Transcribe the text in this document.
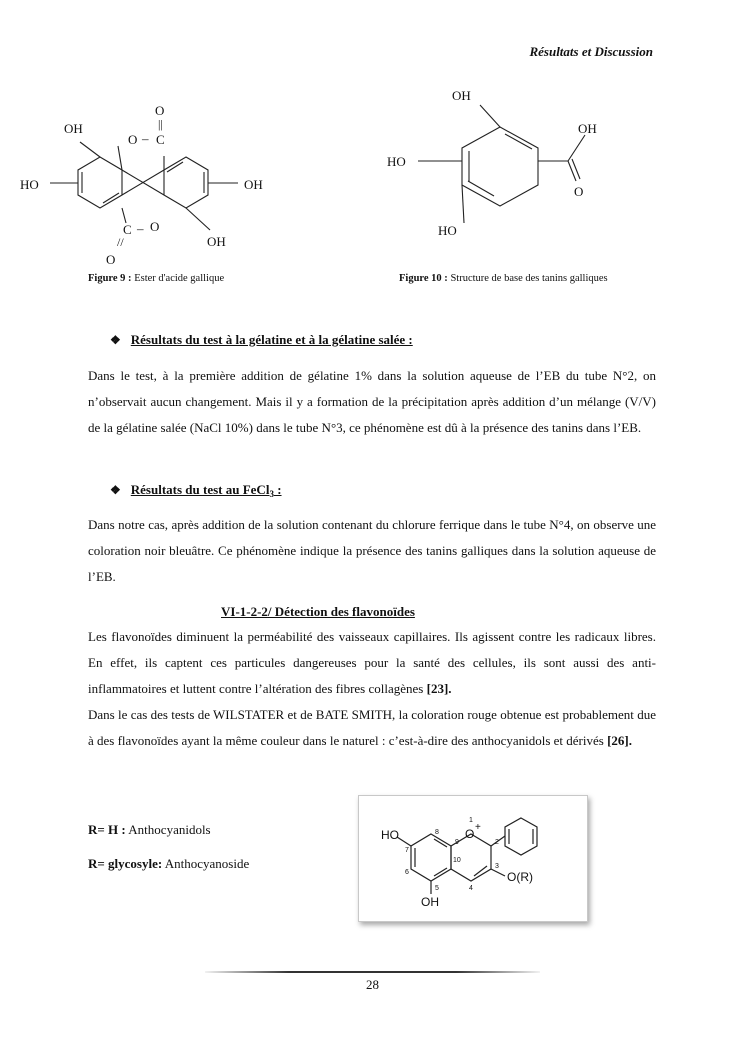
Résultats et Discussion
O
||
O – C
OH
HO	OH
C – O
//	OH
O
Figure 9 : Ester d'acide gallique
OH
OH
HO
O
HO
Figure 10 : Structure de base des tanins galliques
❖ Résultats du test à la gélatine et à la gélatine salée :
Dans le test, à la première addition de gélatine 1% dans la solution aqueuse de l’EB du tube N°2, on n’observait aucun changement. Mais il y a formation de la précipitation après addition d’un mélange (V/V) de la gélatine salée (NaCl 10%) dans le tube N°3, ce phénomène est dû à la présence des tanins dans l’EB.
❖ Résultats du test au FeCl$_3$ :
Dans notre cas, après addition de la solution contenant du chlorure ferrique dans le tube N°4, on observe une coloration noir bleuâtre. Ce phénomène indique la présence des tanins galliques dans la solution aqueuse de l’EB.
VI-1-2-2/ Détection des flavonoïdes
Les flavonoïdes diminuent la perméabilité des vaisseaux capillaires. Ils agissent contre les radicaux libres. En effet, ils captent ces particules dangereuses pour la santé des cellules, ils sont aussi des anti-inflammatoires et luttent contre l’altération des fibres collagènes [23].
Dans le cas des tests de WILSTATER et de BATE SMITH, la coloration rouge obtenue est probablement due à des flavonoïdes ayant la même couleur dans le naturel : c’est-à-dire des anthocyanidols et dérivés [26].
R= H : Anthocyanidols
R= glycosyle: Anthocyanoside
HO
OH
O +
O(R)
1
2
3
4
5
6
7
8
9
10
28
